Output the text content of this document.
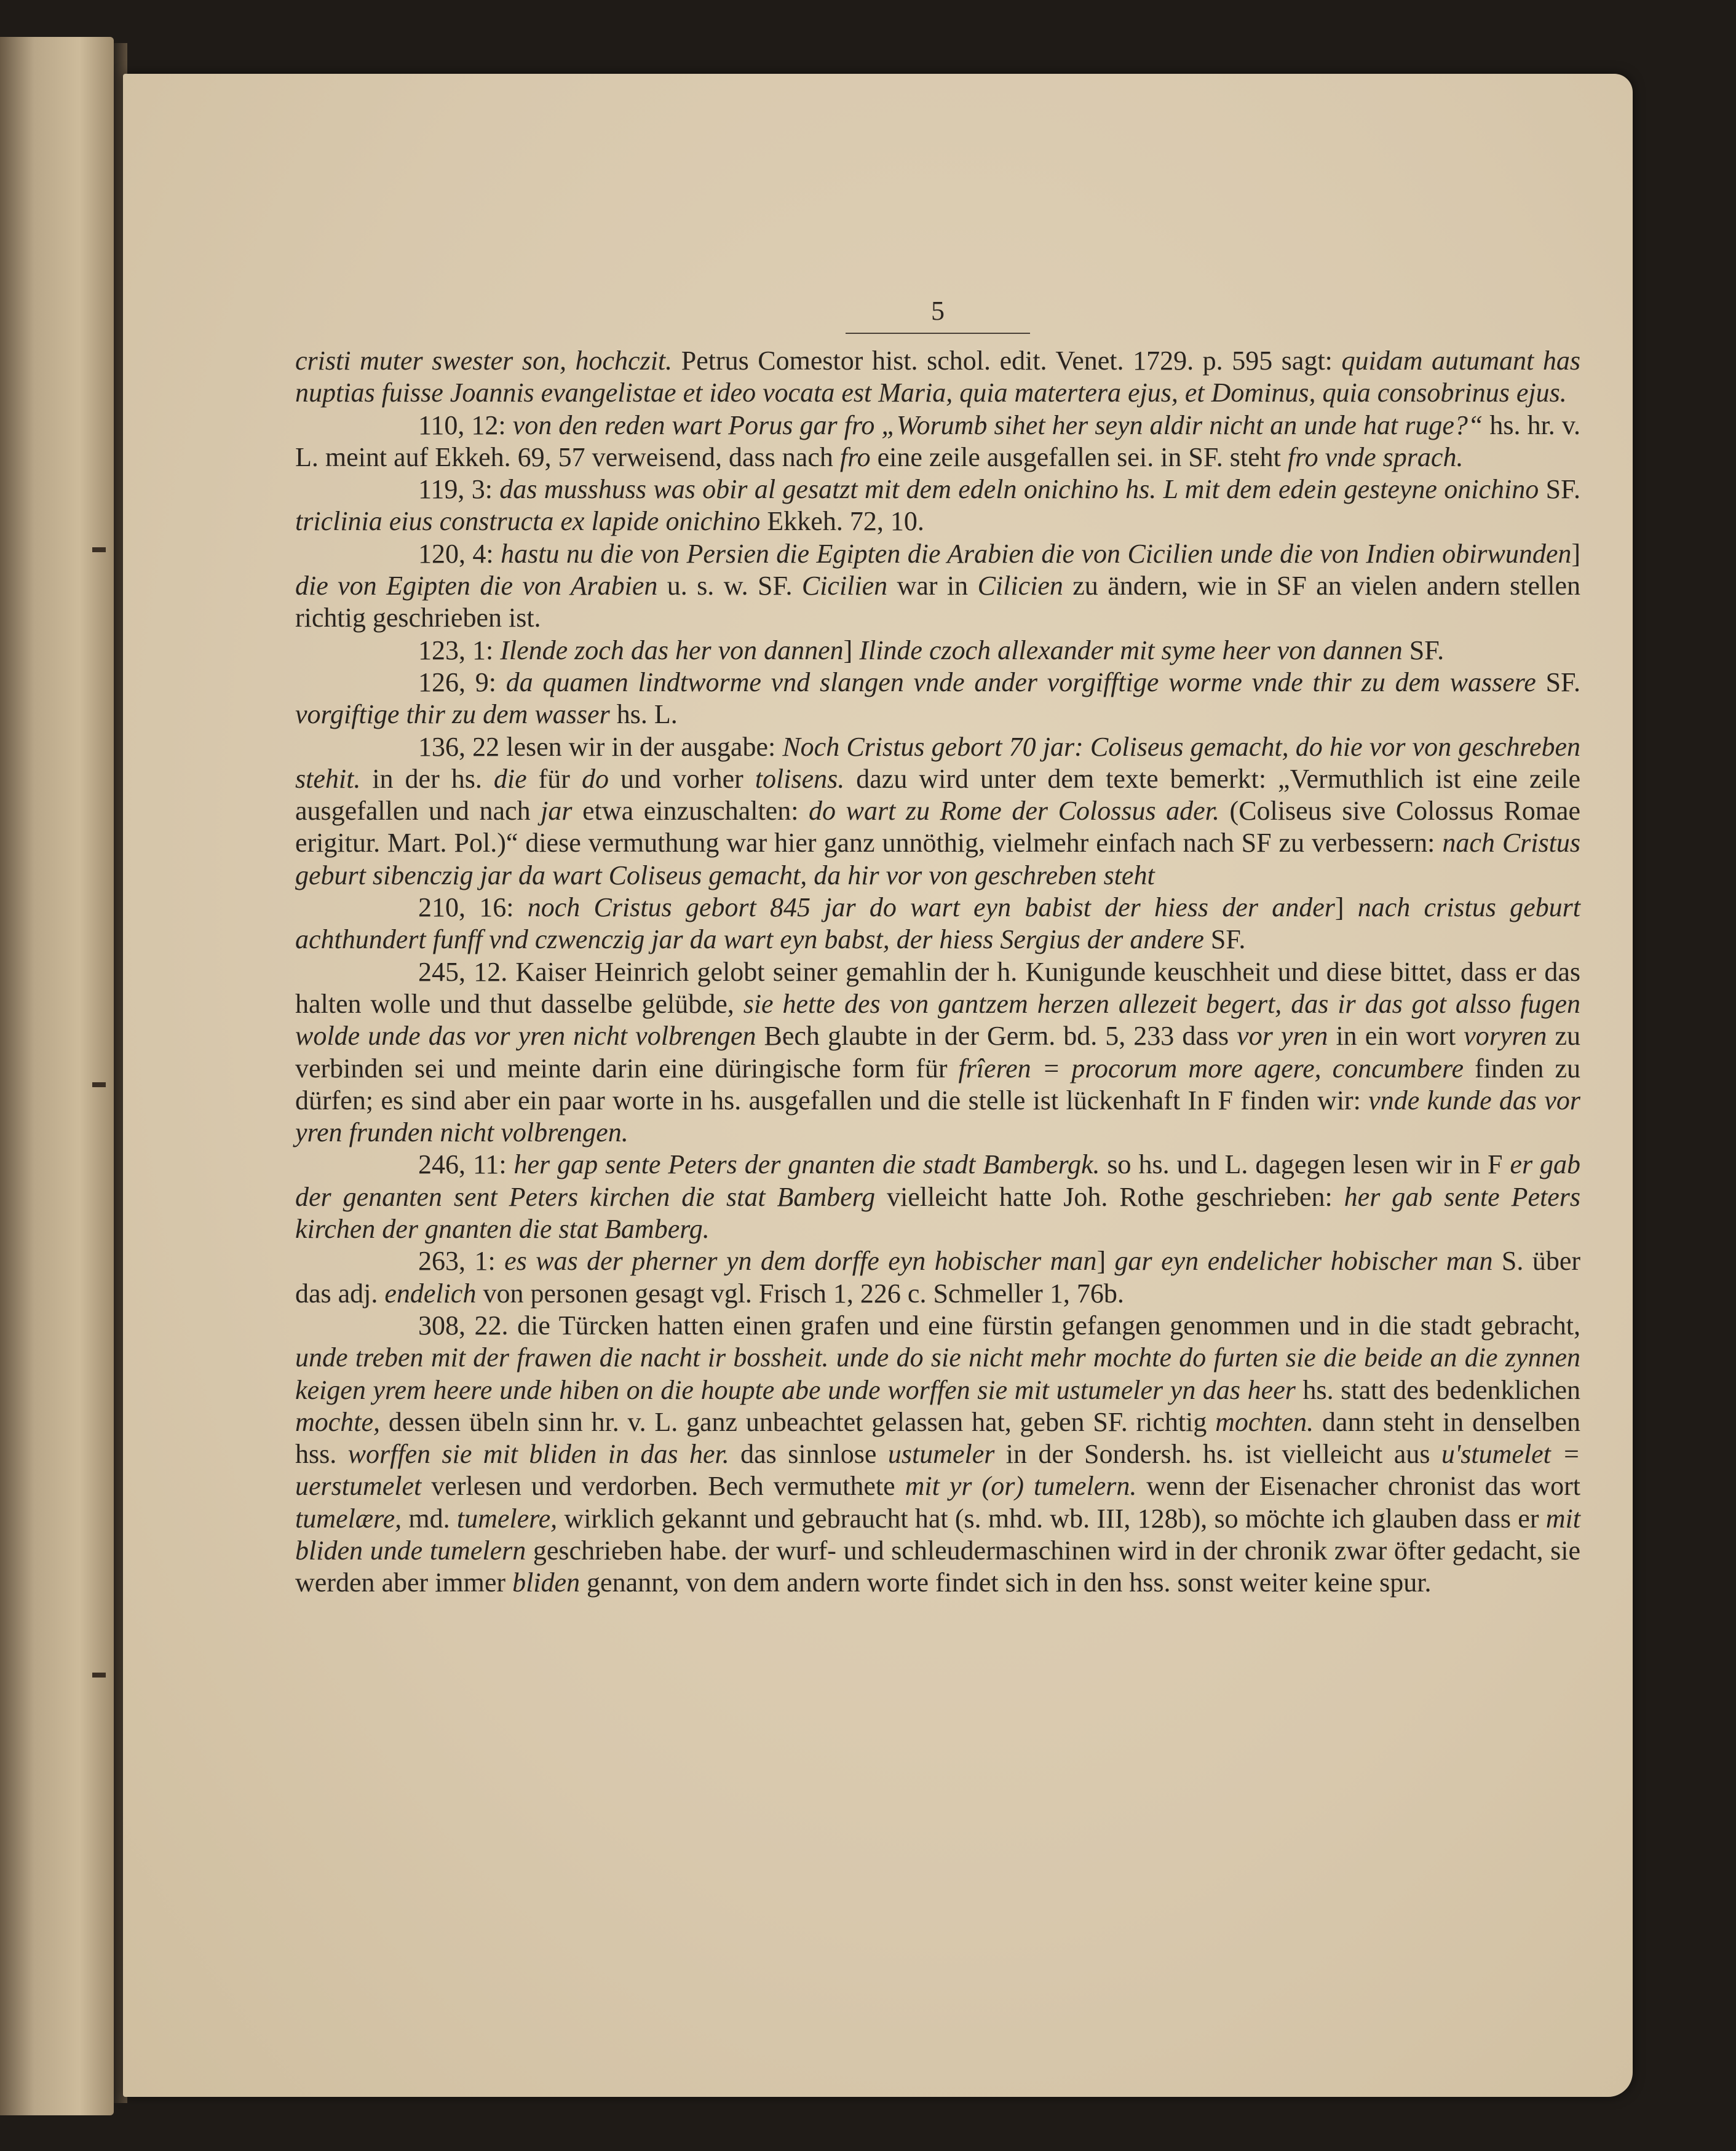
5

cristi muter swester son, hochczit. Petrus Comestor hist. schol. edit. Venet. 1729. p. 595 sagt: quidam autumant has nuptias fuisse Joannis evangelistae et ideo vocata est Maria, quia matertera ejus, et Dominus, quia consobrinus ejus.

110, 12: von den reden wart Porus gar fro „Worumb sihet her seyn aldir nicht an unde hat ruge?“ hs. hr. v. L. meint auf Ekkeh. 69, 57 verweisend, dass nach fro eine zeile ausgefallen sei. in SF. steht fro vnde sprach.

119, 3: das musshuss was obir al gesatzt mit dem edeln onichino hs. L mit dem edein gesteyne onichino SF. triclinia eius constructa ex lapide onichino Ekkeh. 72, 10.

120, 4: hastu nu die von Persien die Egipten die Arabien die von Cicilien unde die von Indien obirwunden] die von Egipten die von Arabien u. s. w. SF. Cicilien war in Cilicien zu ändern, wie in SF an vielen andern stellen richtig geschrieben ist.

123, 1: Ilende zoch das her von dannen] Ilinde czoch allexander mit syme heer von dannen SF.

126, 9: da quamen lindtworme vnd slangen vnde ander vorgifftige worme vnde thir zu dem wassere SF. vorgiftige thir zu dem wasser hs. L.

136, 22 lesen wir in der ausgabe: Noch Cristus gebort 70 jar: Coliseus gemacht, do hie vor von geschreben stehit. in der hs. die für do und vorher tolisens. dazu wird unter dem texte bemerkt: „Vermuthlich ist eine zeile ausgefallen und nach jar etwa einzuschalten: do wart zu Rome der Colossus ader. (Coliseus sive Colossus Romae erigitur. Mart. Pol.)“ diese vermuthung war hier ganz unnöthig, vielmehr einfach nach SF zu verbessern: nach Cristus geburt sibenczig jar da wart Coliseus gemacht, da hir vor von geschreben steht

210, 16: noch Cristus gebort 845 jar do wart eyn babist der hiess der ander] nach cristus geburt achthundert funff vnd czwenczig jar da wart eyn babst, der hiess Sergius der andere SF.

245, 12. Kaiser Heinrich gelobt seiner gemahlin der h. Kunigunde keuschheit und diese bittet, dass er das halten wolle und thut dasselbe gelübde, sie hette des von gantzem herzen allezeit begert, das ir das got alsso fugen wolde unde das vor yren nicht volbrengen Bech glaubte in der Germ. bd. 5, 233 dass vor yren in ein wort voryren zu verbinden sei und meinte darin eine düringische form für frîeren = procorum more agere, concumbere finden zu dürfen; es sind aber ein paar worte in hs. ausgefallen und die stelle ist lückenhaft In F finden wir: vnde kunde das vor yren frunden nicht volbrengen.

246, 11: her gap sente Peters der gnanten die stadt Bambergk. so hs. und L. dagegen lesen wir in F er gab der genanten sent Peters kirchen die stat Bamberg vielleicht hatte Joh. Rothe geschrieben: her gab sente Peters kirchen der gnanten die stat Bamberg.

263, 1: es was der pherner yn dem dorffe eyn hobischer man] gar eyn endelicher hobischer man S. über das adj. endelich von personen gesagt vgl. Frisch 1, 226 c. Schmeller 1, 76b.

308, 22. die Türcken hatten einen grafen und eine fürstin gefangen genommen und in die stadt gebracht, unde treben mit der frawen die nacht ir bossheit. unde do sie nicht mehr mochte do furten sie die beide an die zynnen keigen yrem heere unde hiben on die houpte abe unde worffen sie mit ustumeler yn das heer hs. statt des bedenklichen mochte, dessen übeln sinn hr. v. L. ganz unbeachtet gelassen hat, geben SF. richtig mochten. dann steht in denselben hss. worffen sie mit bliden in das her. das sinnlose ustumeler in der Sondersh. hs. ist vielleicht aus u'stumelet = uerstumelet verlesen und verdorben. Bech vermuthete mit yr (or) tumelern. wenn der Eisenacher chronist das wort tumelære, md. tumelere, wirklich gekannt und gebraucht hat (s. mhd. wb. III, 128b), so möchte ich glauben dass er mit bliden unde tumelern geschrieben habe. der wurf- und schleudermaschinen wird in der chronik zwar öfter gedacht, sie werden aber immer bliden genannt, von dem andern worte findet sich in den hss. sonst weiter keine spur.
